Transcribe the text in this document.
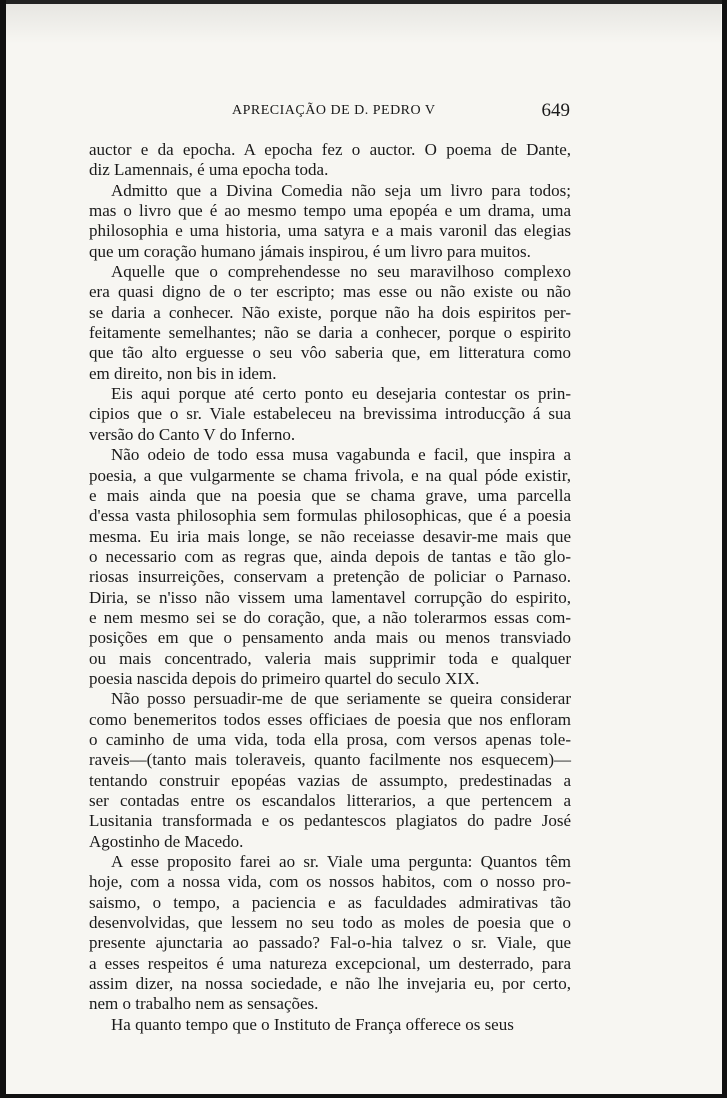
APRECIAÇÃO DE D. PEDRO V	649
auctor e da epocha. A epocha fez o auctor. O poema de Dante,
diz Lamennais, é uma epocha toda.
Admitto que a Divina Comedia não seja um livro para todos;
mas o livro que é ao mesmo tempo uma epopéa e um drama, uma
philosophia e uma historia, uma satyra e a mais varonil das elegias
que um coração humano jámais inspirou, é um livro para muitos.
Aquelle que o comprehendesse no seu maravilhoso complexo
era quasi digno de o ter escripto; mas esse ou não existe ou não
se daria a conhecer. Não existe, porque não ha dois espiritos per-
feitamente semelhantes; não se daria a conhecer, porque o espirito
que tão alto erguesse o seu vôo saberia que, em litteratura como
em direito, non bis in idem.
Eis aqui porque até certo ponto eu desejaria contestar os prin-
cipios que o sr. Viale estabeleceu na brevissima introducção á sua
versão do Canto V do Inferno.
Não odeio de todo essa musa vagabunda e facil, que inspira a
poesia, a que vulgarmente se chama frivola, e na qual póde existir,
e mais ainda que na poesia que se chama grave, uma parcella
d'essa vasta philosophia sem formulas philosophicas, que é a poesia
mesma. Eu iria mais longe, se não receiasse desavir-me mais que
o necessario com as regras que, ainda depois de tantas e tão glo-
riosas insurreições, conservam a pretenção de policiar o Parnaso.
Diria, se n'isso não vissem uma lamentavel corrupção do espirito,
e nem mesmo sei se do coração, que, a não tolerarmos essas com-
posições em que o pensamento anda mais ou menos transviado
ou mais concentrado, valeria mais supprimir toda e qualquer
poesia nascida depois do primeiro quartel do seculo XIX.
Não posso persuadir-me de que seriamente se queira considerar
como benemeritos todos esses officiaes de poesia que nos enfloram
o caminho de uma vida, toda ella prosa, com versos apenas tole-
raveis—(tanto mais toleraveis, quanto facilmente nos esquecem)—
tentando construir epopéas vazias de assumpto, predestinadas a
ser contadas entre os escandalos litterarios, a que pertencem a
Lusitania transformada e os pedantescos plagiatos do padre José
Agostinho de Macedo.
A esse proposito farei ao sr. Viale uma pergunta: Quantos têm
hoje, com a nossa vida, com os nossos habitos, com o nosso pro-
saismo, o tempo, a paciencia e as faculdades admirativas tão
desenvolvidas, que lessem no seu todo as moles de poesia que o
presente ajunctaria ao passado? Fal-o-hia talvez o sr. Viale, que
a esses respeitos é uma natureza excepcional, um desterrado, para
assim dizer, na nossa sociedade, e não lhe invejaria eu, por certo,
nem o trabalho nem as sensações.
Ha quanto tempo que o Instituto de França offerece os seus
